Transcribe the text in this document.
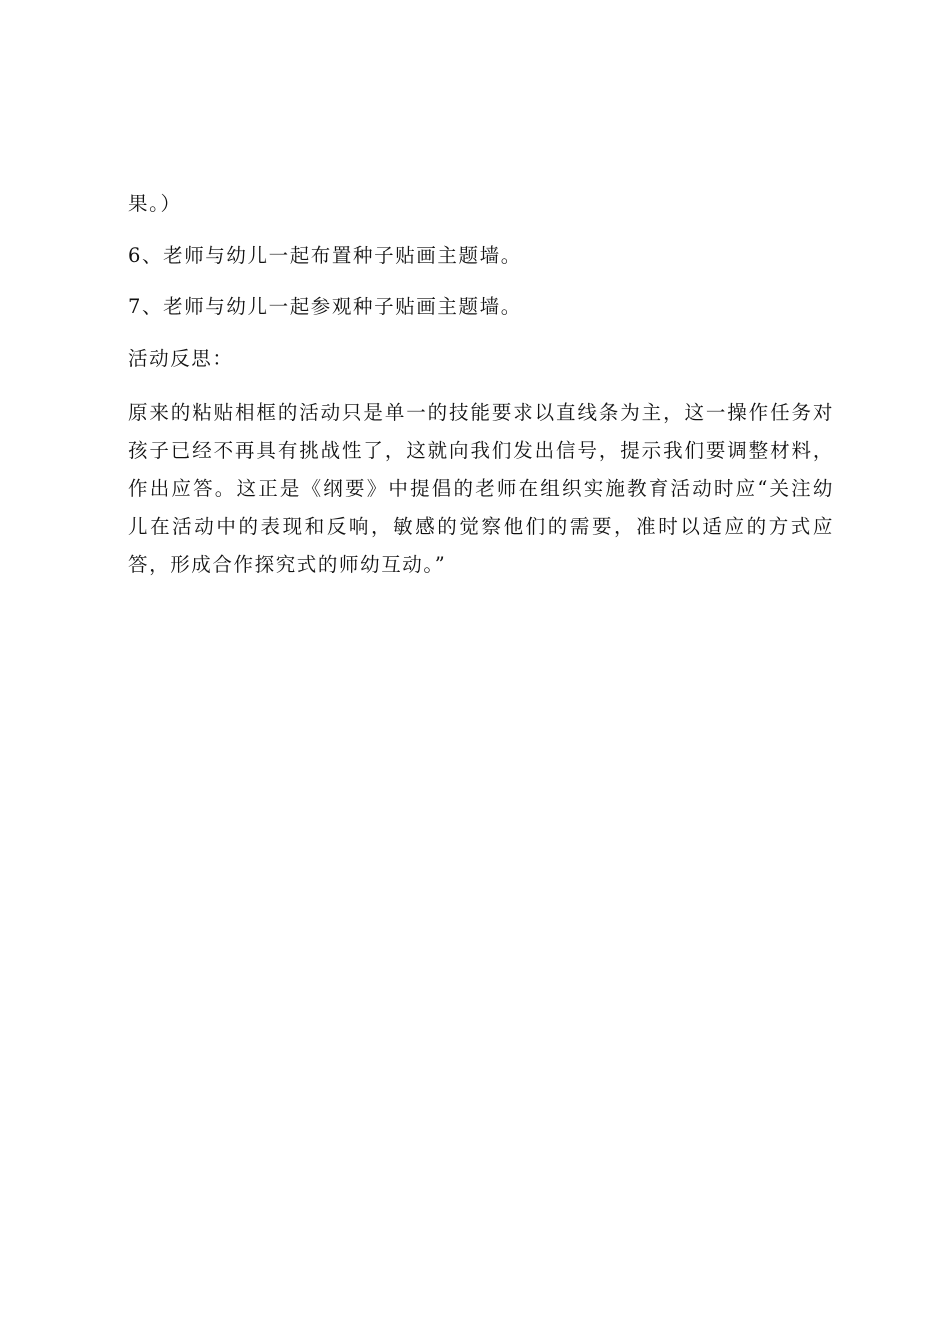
果。）
6、老师与幼儿一起布置种子贴画主题墙。
7、老师与幼儿一起参观种子贴画主题墙。
活动反思：

原来的粘贴相框的活动只是单一的技能要求以直线条为主，这一操作任务对孩子已经不再具有挑战性了，这就向我们发出信号，提示我们要调整材料，作出应答。这正是《纲要》中提倡的老师在组织实施教育活动时应“关注幼儿在活动中的表现和反响，敏感的觉察他们的需要，准时以适应的方式应答，形成合作探究式的师幼互动。”
